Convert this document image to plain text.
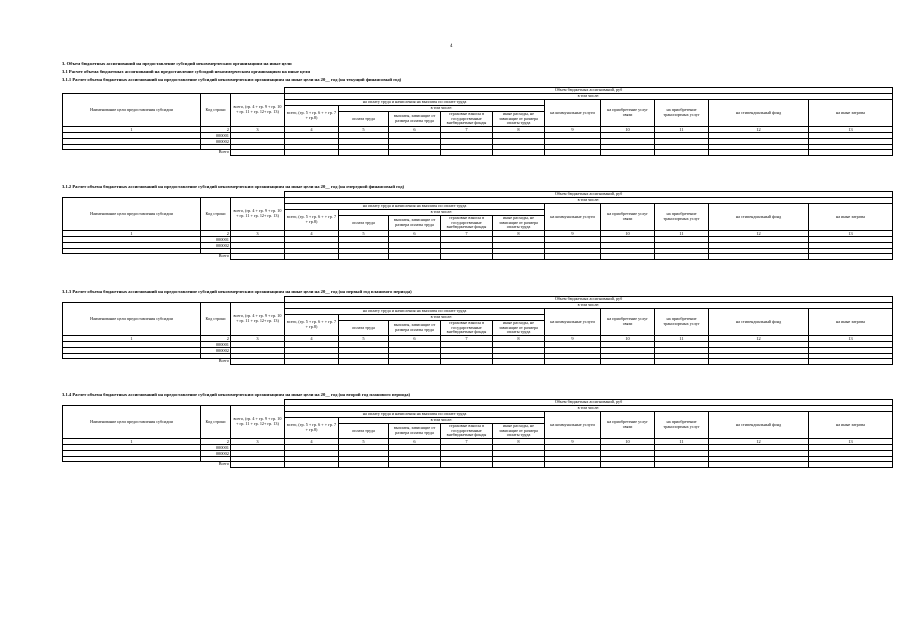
4
3. Объем бюджетных ассигнований на предоставление субсидий некоммерческим организациям на иные цели
3.1 Расчет объема бюджетных ассигнований на предоставление субсидий некоммерческим организациям на иные цели
3.1.1 Расчет объема бюджетных ассигнований на предоставление субсидий некоммерческим организациям на иные цели на 20__ год (на текущий финансовый год)
			Объем бюджетных ассигнований, руб									
Наименование цели предоставления субсидии	Код строки	всего, (гр. 4 + гр. 9 + гр. 10 + гр. 11 + гр. 12+ гр. 13)	в том числе:									
			на оплату труда и начисления на выплаты по оплате труда					на коммунальные услуги	на приобретение услуг связи	на приобретение транспортных услуг	на стипендиальный фонд	на иные затраты
			всего, (гр. 5 + гр. 6 + + гр. 7 + гр.8)	в том числе:								
				оплата труда	выплаты, зависящие от размера оплаты труда	страховые взносы в государственные внебюджетные фонды	иные расходы, не зависящие от размера оплаты труда					
1	2	3	4	5	6	7	8	9	10	11	12	13
	000001											
	000002											

Всего												
3.1.2 Расчет объема бюджетных ассигнований на предоставление субсидий некоммерческим организациям на иные цели на 20__ год (на очередной финансовый год)
			Объем бюджетных ассигнований, руб									
Наименование цели предоставления субсидии	Код строки	всего, (гр. 4 + гр. 9 + гр. 10 + гр. 11 + гр. 12+ гр. 13)	в том числе:									
			на оплату труда и начисления на выплаты по оплате труда					на коммунальные услуги	на приобретение услуг связи	на приобретение транспортных услуг	на стипендиальный фонд	на иные затраты
			всего, (гр. 5 + гр. 6 + + гр. 7 + гр.8)	в том числе:								
				оплата труда	выплаты, зависящие от размера оплаты труда	страховые взносы в государственные внебюджетные фонды	иные расходы, не зависящие от размера оплаты труда					
1	2	3	4	5	6	7	8	9	10	11	12	13
	000001											
	000002											

Всего												
3.1.3 Расчет объема бюджетных ассигнований на предоставление субсидий некоммерческим организациям на иные цели на 20__ год (на первый год планового периода)
			Объем бюджетных ассигнований, руб									
Наименование цели предоставления субсидии	Код строки	всего, (гр. 4 + гр. 9 + гр. 10 + гр. 11 + гр. 12+ гр. 13)	в том числе:									
			на оплату труда и начисления на выплаты по оплате труда					на коммунальные услуги	на приобретение услуг связи	на приобретение транспортных услуг	на стипендиальный фонд	на иные затраты
			всего, (гр. 5 + гр. 6 + + гр. 7 + гр.8)	в том числе:								
				оплата труда	выплаты, зависящие от размера оплаты труда	страховые взносы в государственные внебюджетные фонды	иные расходы, не зависящие от размера оплаты труда					
1	2	3	4	5	6	7	8	9	10	11	12	13
	000001											
	000002											

Всего												
3.1.4 Расчет объема бюджетных ассигнований на предоставление субсидий некоммерческим организациям на иные цели на 20__ год (на второй год планового периода)
			Объем бюджетных ассигнований, руб									
Наименование цели предоставления субсидии	Код строки	всего, (гр. 4 + гр. 9 + гр. 10 + гр. 11 + гр. 12+ гр. 13)	в том числе:									
			на оплату труда и начисления на выплаты по оплате труда					на коммунальные услуги	на приобретение услуг связи	на приобретение транспортных услуг	на стипендиальный фонд	на иные затраты
			всего, (гр. 5 + гр. 6 + + гр. 7 + гр.8)	в том числе:								
				оплата труда	выплаты, зависящие от размера оплаты труда	страховые взносы в государственные внебюджетные фонды	иные расходы, не зависящие от размера оплаты труда					
1	2	3	4	5	6	7	8	9	10	11	12	13
	000001											
	000002											

Всего												
